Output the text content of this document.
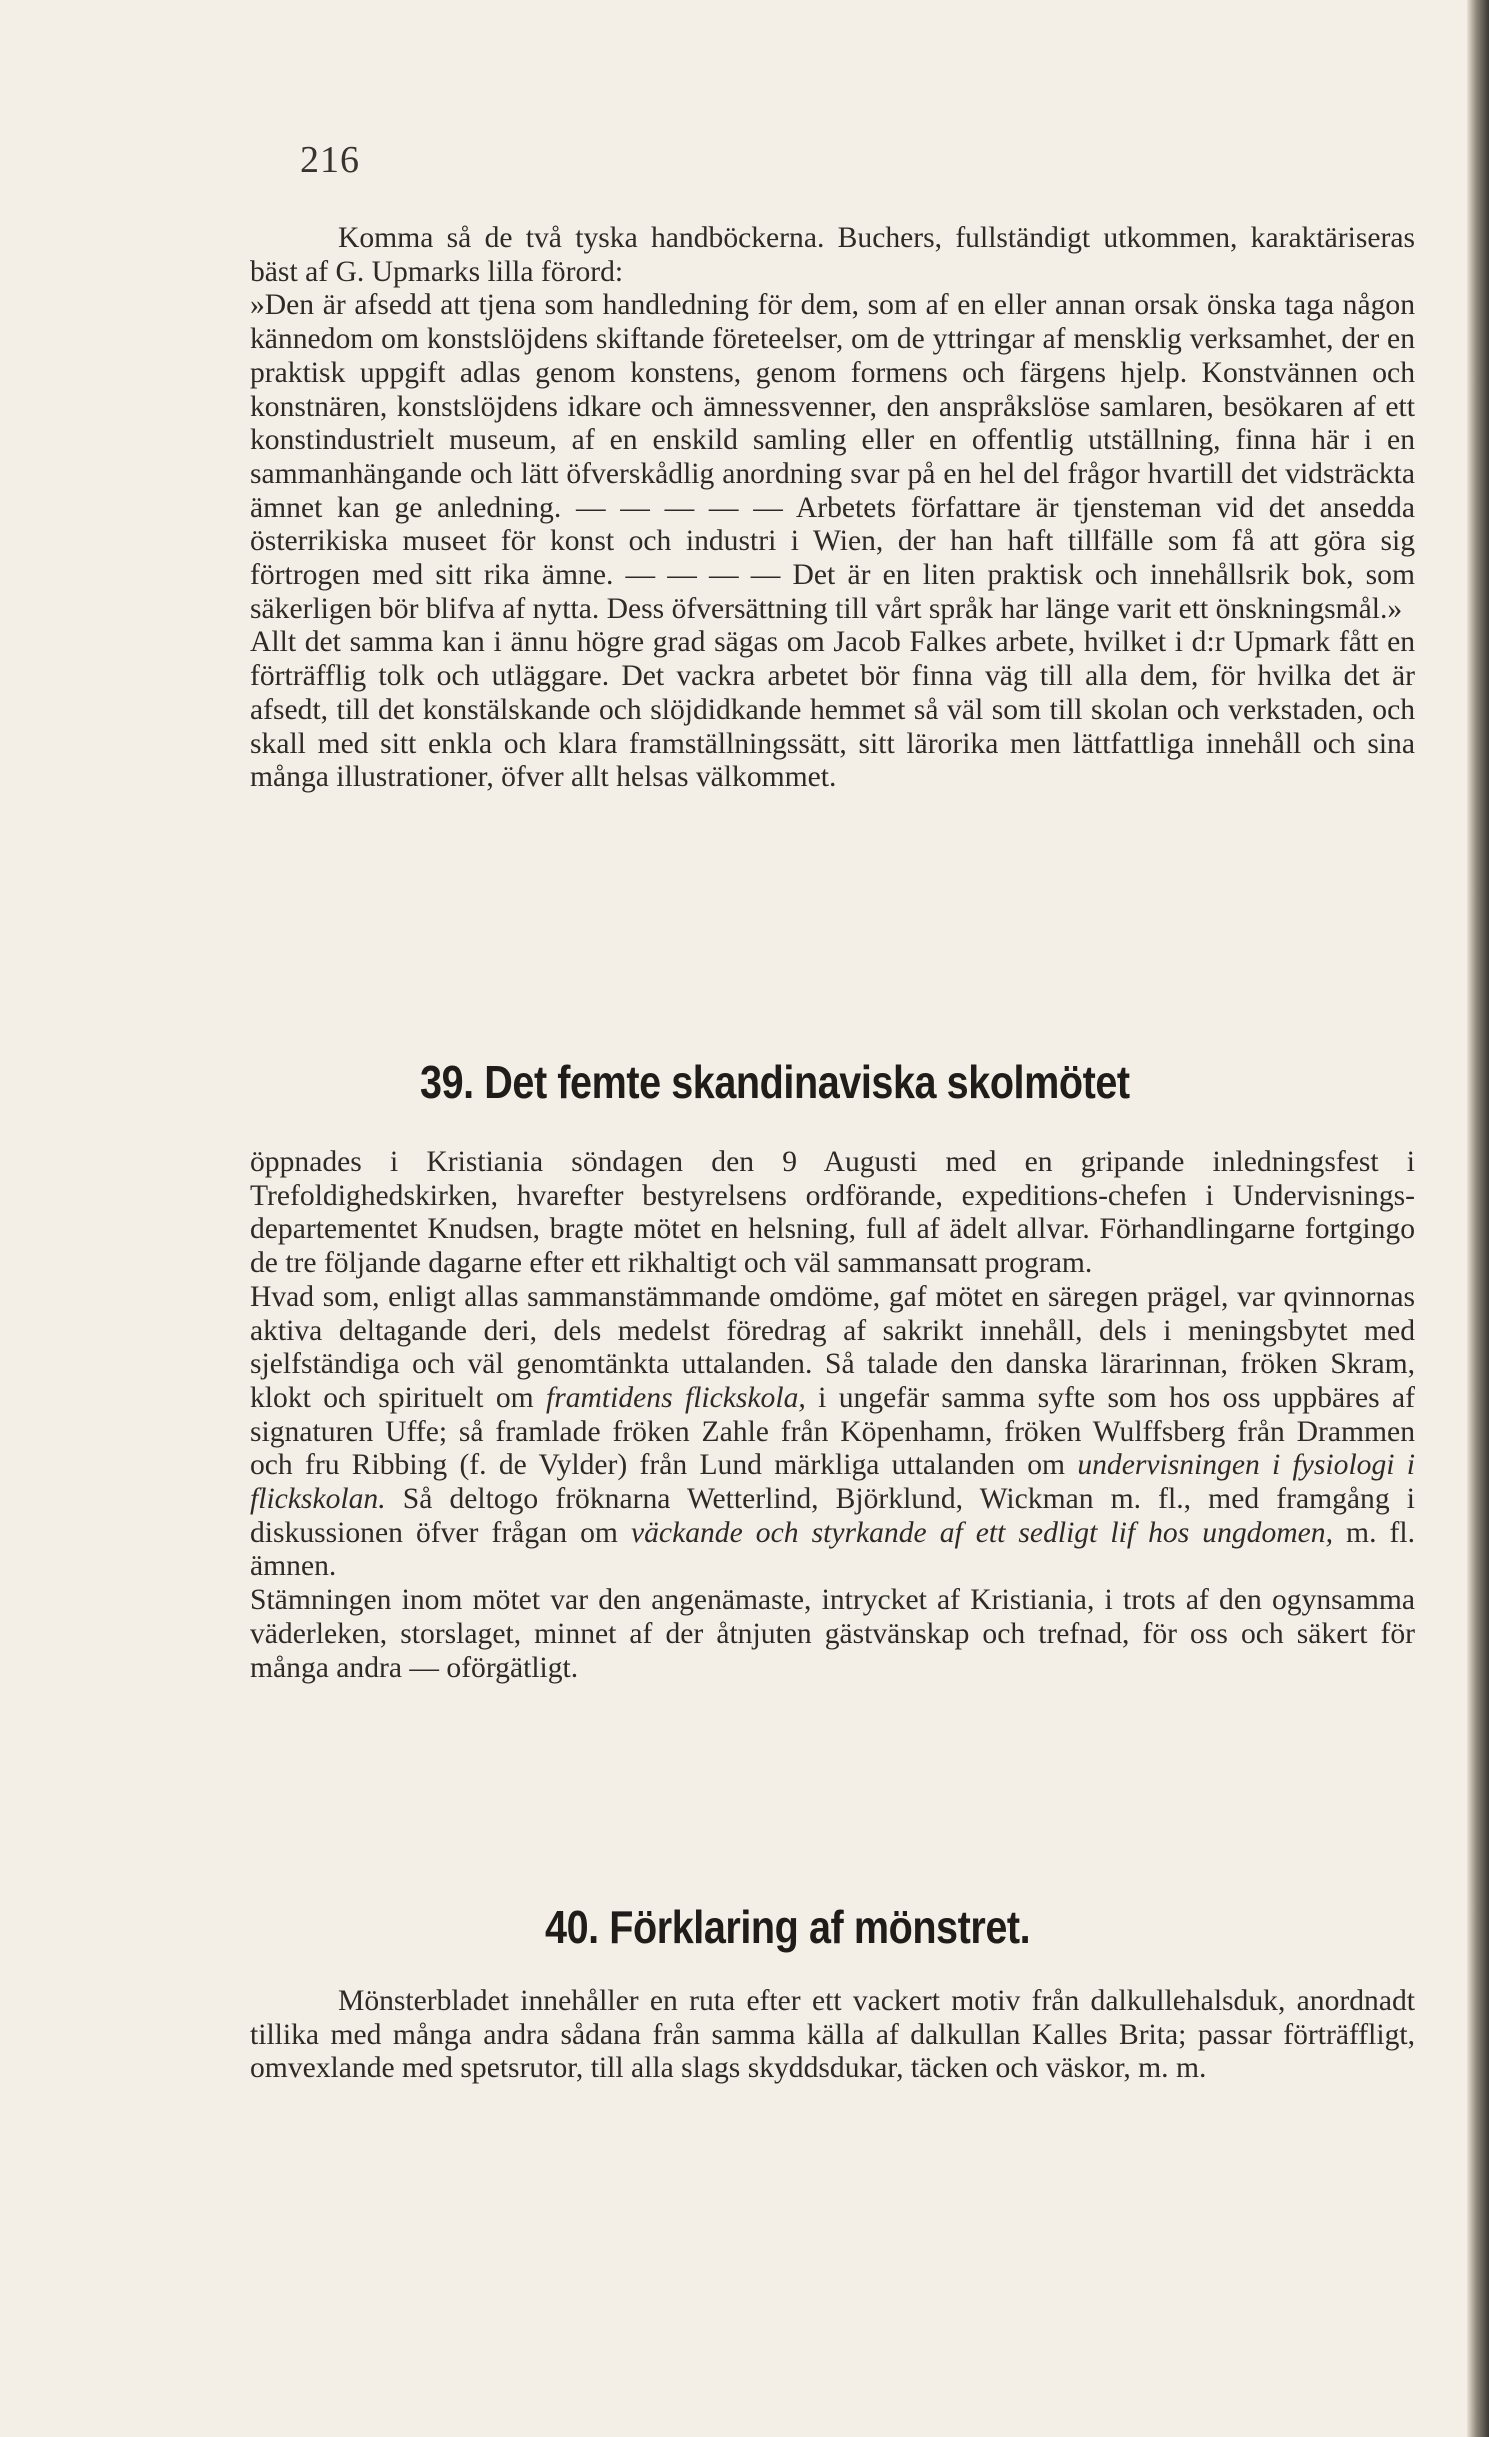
216

Komma så de två tyska handböckerna. Buchers, fullständigt utkommen, karaktäriseras bäst af G. Upmarks lilla förord:

»Den är afsedd att tjena som handledning för dem, som af en eller annan orsak önska taga någon kännedom om konstslöjdens skiftande företeelser, om de yttringar af mensklig verksamhet, der en praktisk uppgift adlas genom konstens, genom formens och färgens hjelp. Konstvännen och konstnären, konstslöjdens idkare och ämnessvenner, den anspråkslöse samlaren, besökaren af ett konstindustrielt museum, af en enskild samling eller en offentlig utställning, finna här i en sammanhängande och lätt öfverskådlig anordning svar på en hel del frågor hvartill det vidsträckta ämnet kan ge anledning. — — — — — Arbetets författare är tjensteman vid det ansedda österrikiska museet för konst och industri i Wien, der han haft tillfälle som få att göra sig förtrogen med sitt rika ämne. — — — — Det är en liten praktisk och innehållsrik bok, som säkerligen bör blifva af nytta. Dess öfversättning till vårt språk har länge varit ett önskningsmål.»

Allt det samma kan i ännu högre grad sägas om Jacob Falkes arbete, hvilket i d:r Upmark fått en förträfflig tolk och utläggare. Det vackra arbetet bör finna väg till alla dem, för hvilka det är afsedt, till det konstälskande och slöjdidkande hemmet så väl som till skolan och verkstaden, och skall med sitt enkla och klara framställningssätt, sitt lärorika men lättfattliga innehåll och sina många illustrationer, öfver allt helsas välkommet.

39. Det femte skandinaviska skolmötet

öppnades i Kristiania söndagen den 9 Augusti med en gripande inledningsfest i Trefoldighedskirken, hvarefter bestyrelsens ordförande, expeditions-chefen i Undervisnings-departementet Knudsen, bragte mötet en helsning, full af ädelt allvar. Förhandlingarne fortgingo de tre följande dagarne efter ett rikhaltigt och väl sammansatt program.

Hvad som, enligt allas sammanstämmande omdöme, gaf mötet en säregen prägel, var qvinnornas aktiva deltagande deri, dels medelst föredrag af sakrikt innehåll, dels i meningsbytet med sjelfständiga och väl genomtänkta uttalanden. Så talade den danska lärarinnan, fröken Skram, klokt och spirituelt om framtidens flickskola, i ungefär samma syfte som hos oss uppbäres af signaturen Uffe; så framlade fröken Zahle från Köpenhamn, fröken Wulffsberg från Drammen och fru Ribbing (f. de Vylder) från Lund märkliga uttalanden om undervisningen i fysiologi i flickskolan. Så deltogo fröknarna Wetterlind, Björklund, Wickman m. fl., med framgång i diskussionen öfver frågan om väckande och styrkande af ett sedligt lif hos ungdomen, m. fl. ämnen.

Stämningen inom mötet var den angenämaste, intrycket af Kristiania, i trots af den ogynsamma väderleken, storslaget, minnet af der åtnjuten gästvänskap och trefnad, för oss och säkert för många andra — oförgätligt.

40. Förklaring af mönstret.

Mönsterbladet innehåller en ruta efter ett vackert motiv från dalkullehalsduk, anordnadt tillika med många andra sådana från samma källa af dalkullan Kalles Brita; passar förträffligt, omvexlande med spetsrutor, till alla slags skyddsdukar, täcken och väskor, m. m.
